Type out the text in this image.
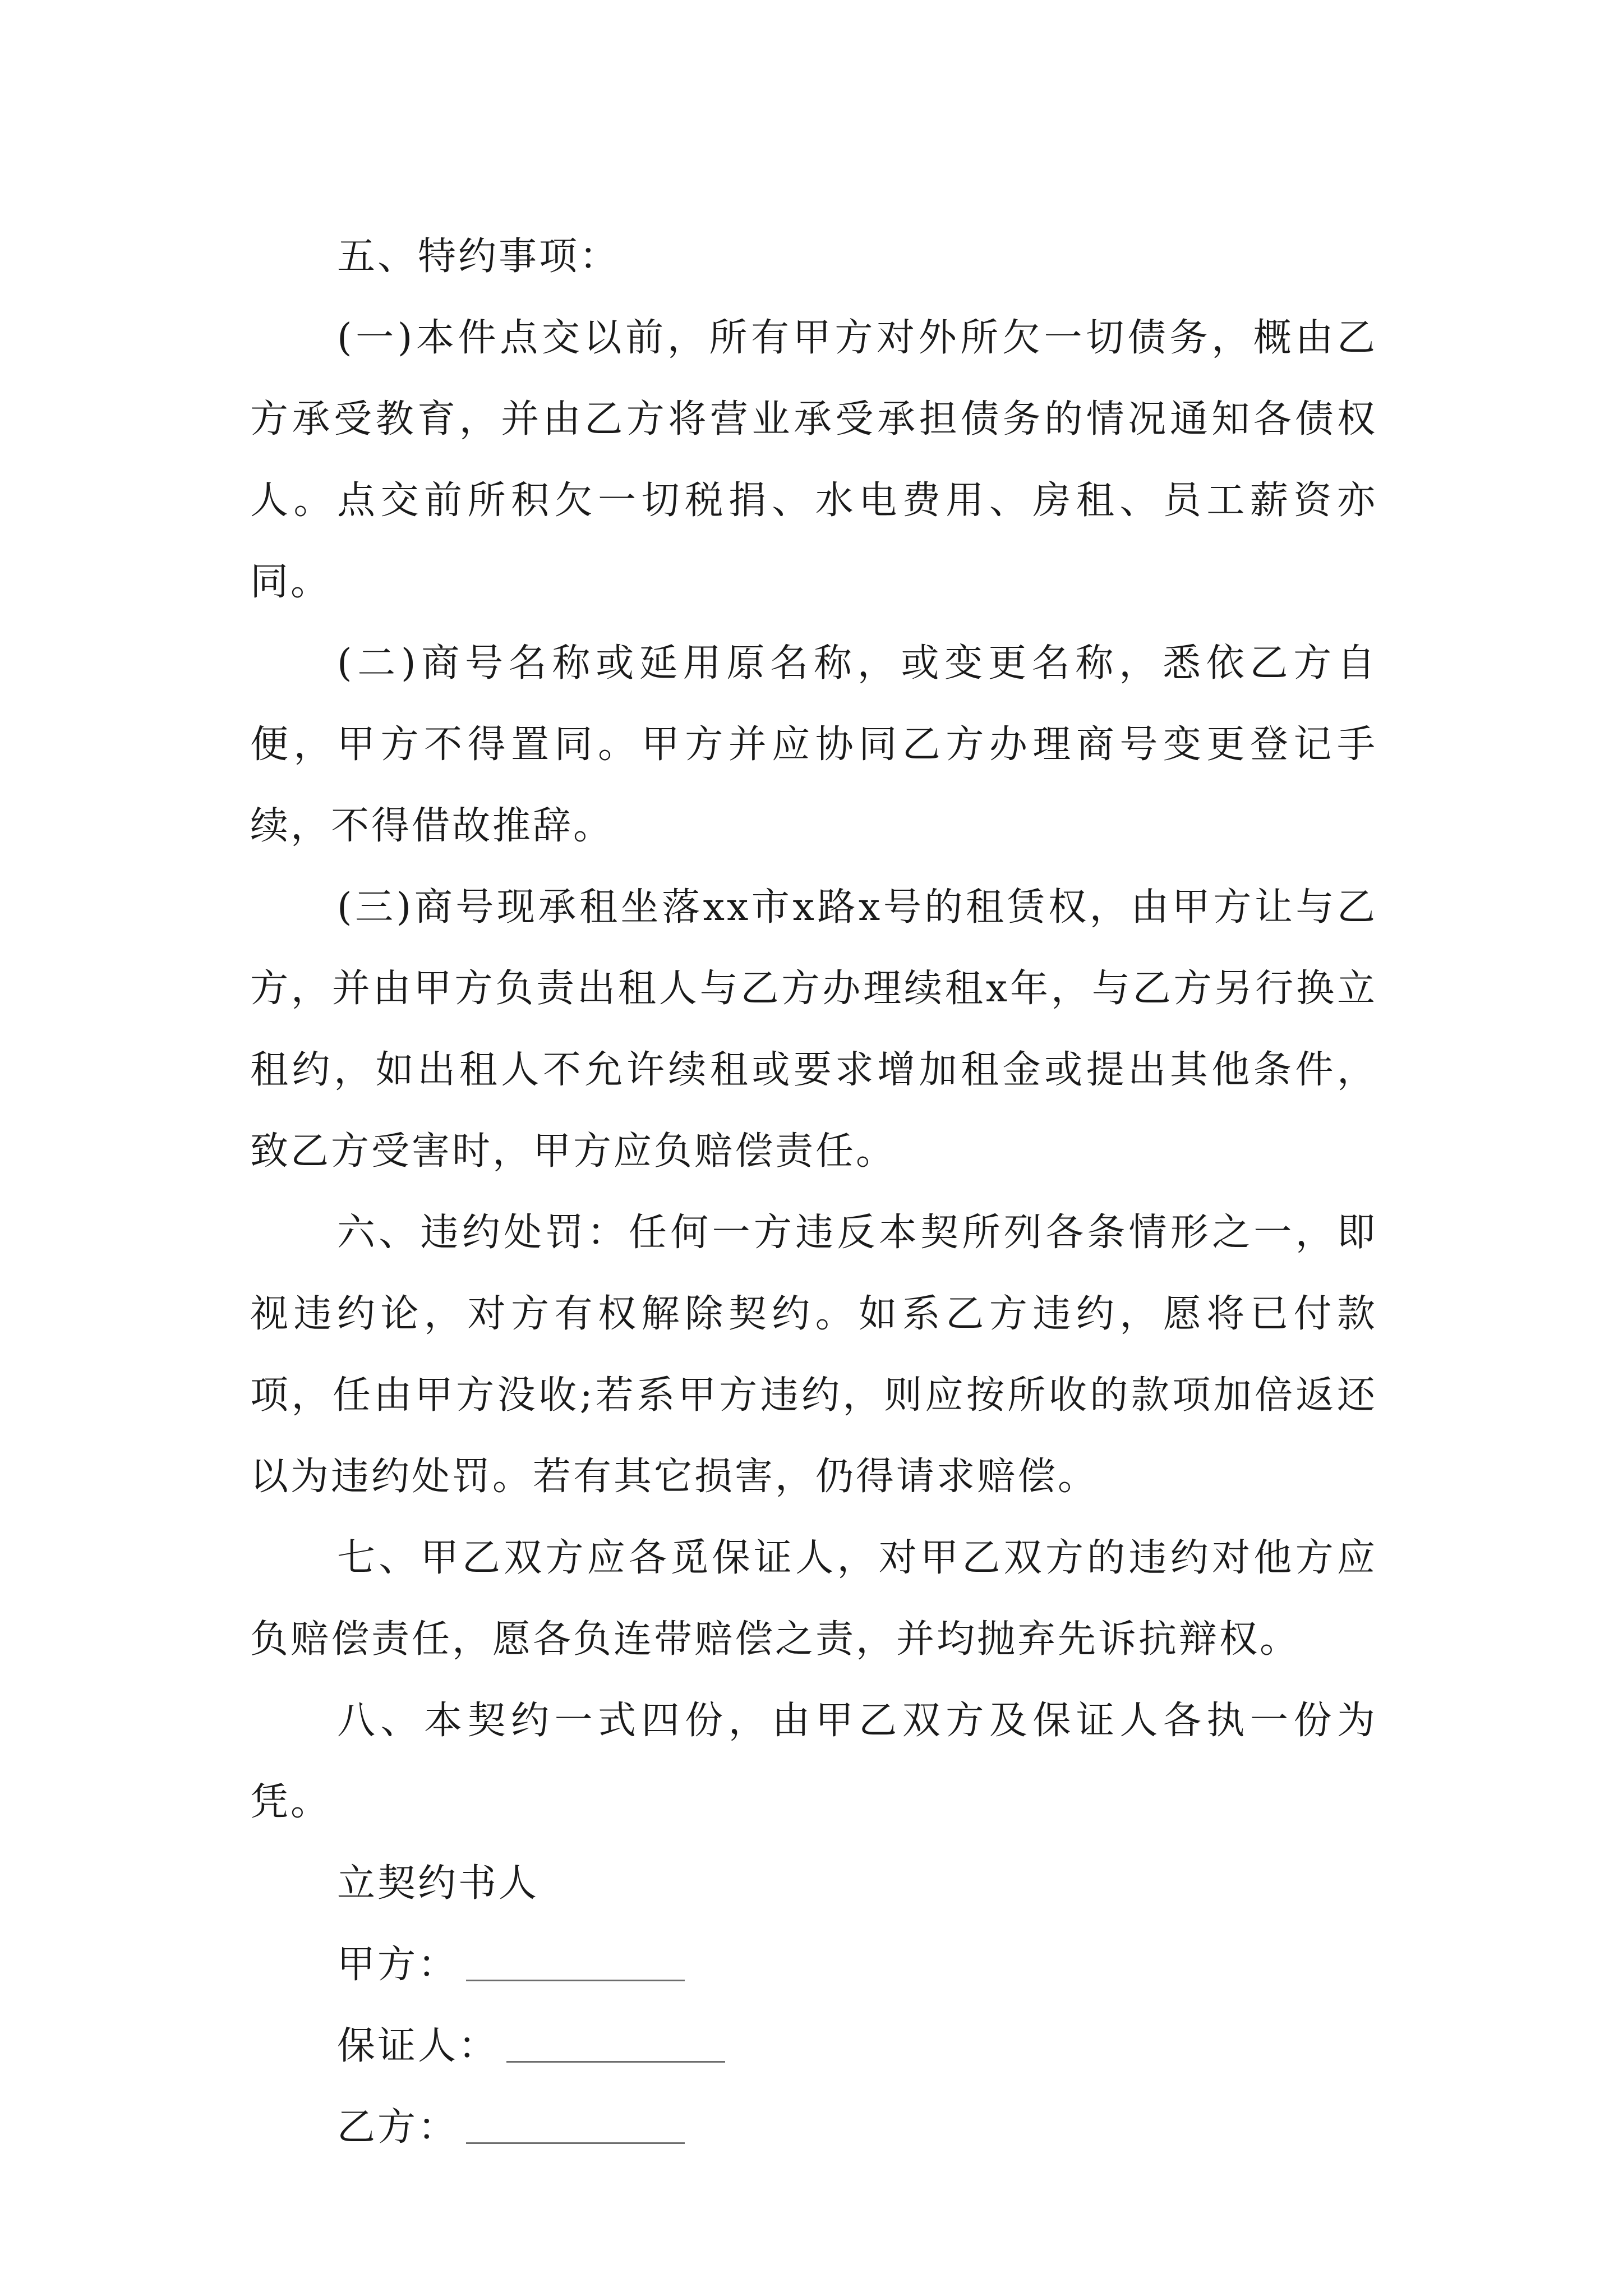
五、特约事项：

(一)本件点交以前，所有甲方对外所欠一切债务，概由乙方承受教育，并由乙方将营业承受承担债务的情况通知各债权人。点交前所积欠一切税捐、水电费用、房租、员工薪资亦同。

(二)商号名称或延用原名称，或变更名称，悉依乙方自便，甲方不得置同。甲方并应协同乙方办理商号变更登记手续，不得借故推辞。

(三)商号现承租坐落xx市x路x号的租赁权，由甲方让与乙方，并由甲方负责出租人与乙方办理续租x年，与乙方另行换立租约，如出租人不允许续租或要求增加租金或提出其他条件，致乙方受害时，甲方应负赔偿责任。

六、违约处罚：任何一方违反本契所列各条情形之一，即视违约论，对方有权解除契约。如系乙方违约，愿将已付款项，任由甲方没收;若系甲方违约，则应按所收的款项加倍返还以为违约处罚。若有其它损害，仍得请求赔偿。

七、甲乙双方应各觅保证人，对甲乙双方的违约对他方应负赔偿责任，愿各负连带赔偿之责，并均抛弃先诉抗辩权。

八、本契约一式四份，由甲乙双方及保证人各执一份为凭。

立契约书人
甲方：
保证人：
乙方：
